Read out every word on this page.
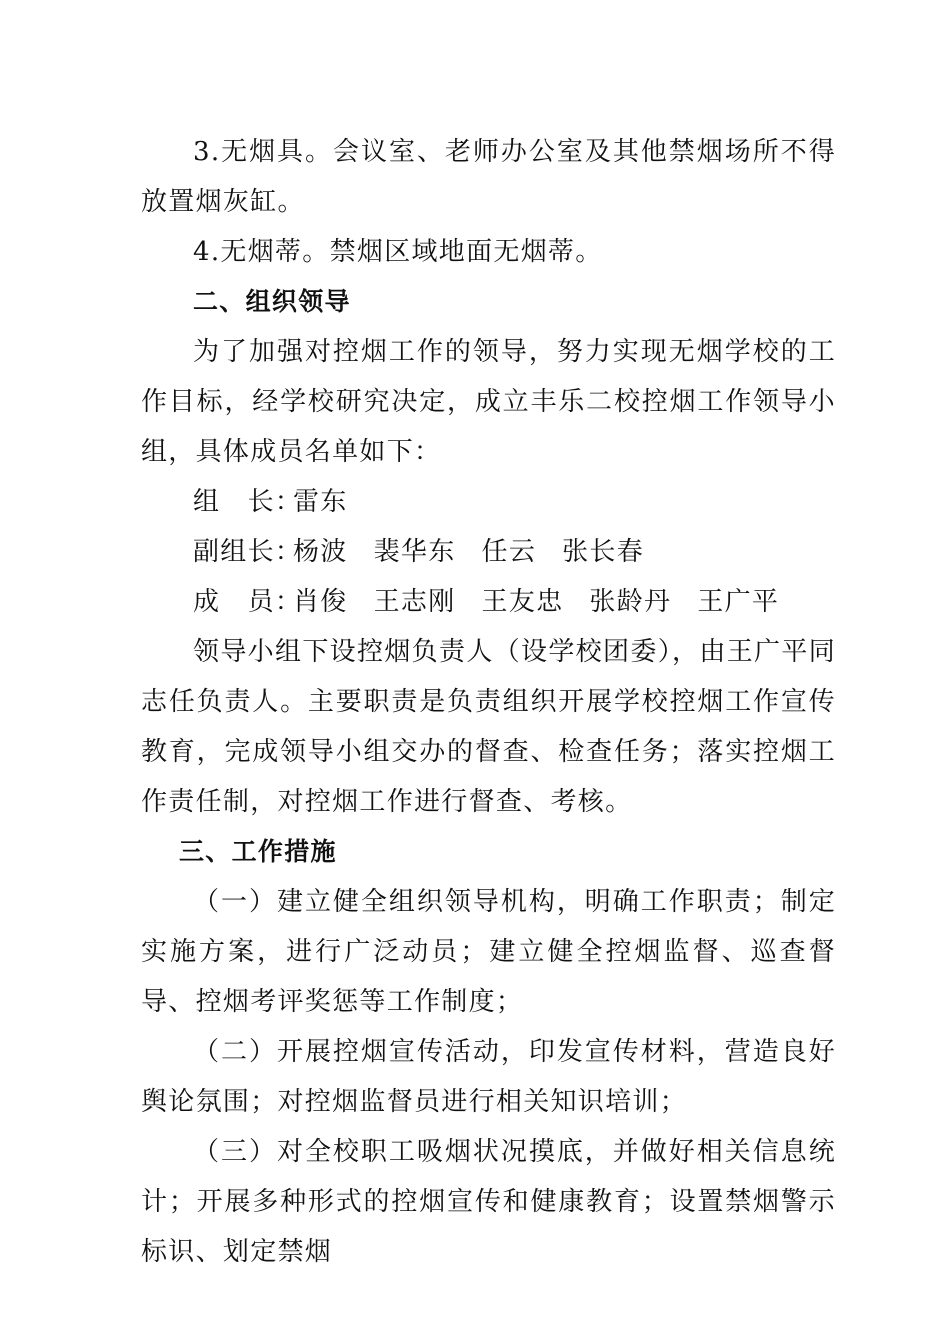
3.无烟具。会议室、老师办公室及其他禁烟场所不得放置烟灰缸。

4.无烟蒂。禁烟区域地面无烟蒂。

二、组织领导

为了加强对控烟工作的领导，努力实现无烟学校的工作目标，经学校研究决定，成立丰乐二校控烟工作领导小组，具体成员名单如下：

组　长：雷东

副组长：杨波 裴华东 任云 张长春

成　员：肖俊 王志刚 王友忠 张龄丹 王广平

领导小组下设控烟负责人（设学校团委），由王广平同志任负责人。主要职责是负责组织开展学校控烟工作宣传教育，完成领导小组交办的督查、检查任务；落实控烟工作责任制，对控烟工作进行督查、考核。

三、工作措施

（一）建立健全组织领导机构，明确工作职责；制定实施方案，进行广泛动员；建立健全控烟监督、巡查督导、控烟考评奖惩等工作制度；

（二）开展控烟宣传活动，印发宣传材料，营造良好舆论氛围；对控烟监督员进行相关知识培训；

（三）对全校职工吸烟状况摸底，并做好相关信息统计；开展多种形式的控烟宣传和健康教育；设置禁烟警示标识、划定禁烟
